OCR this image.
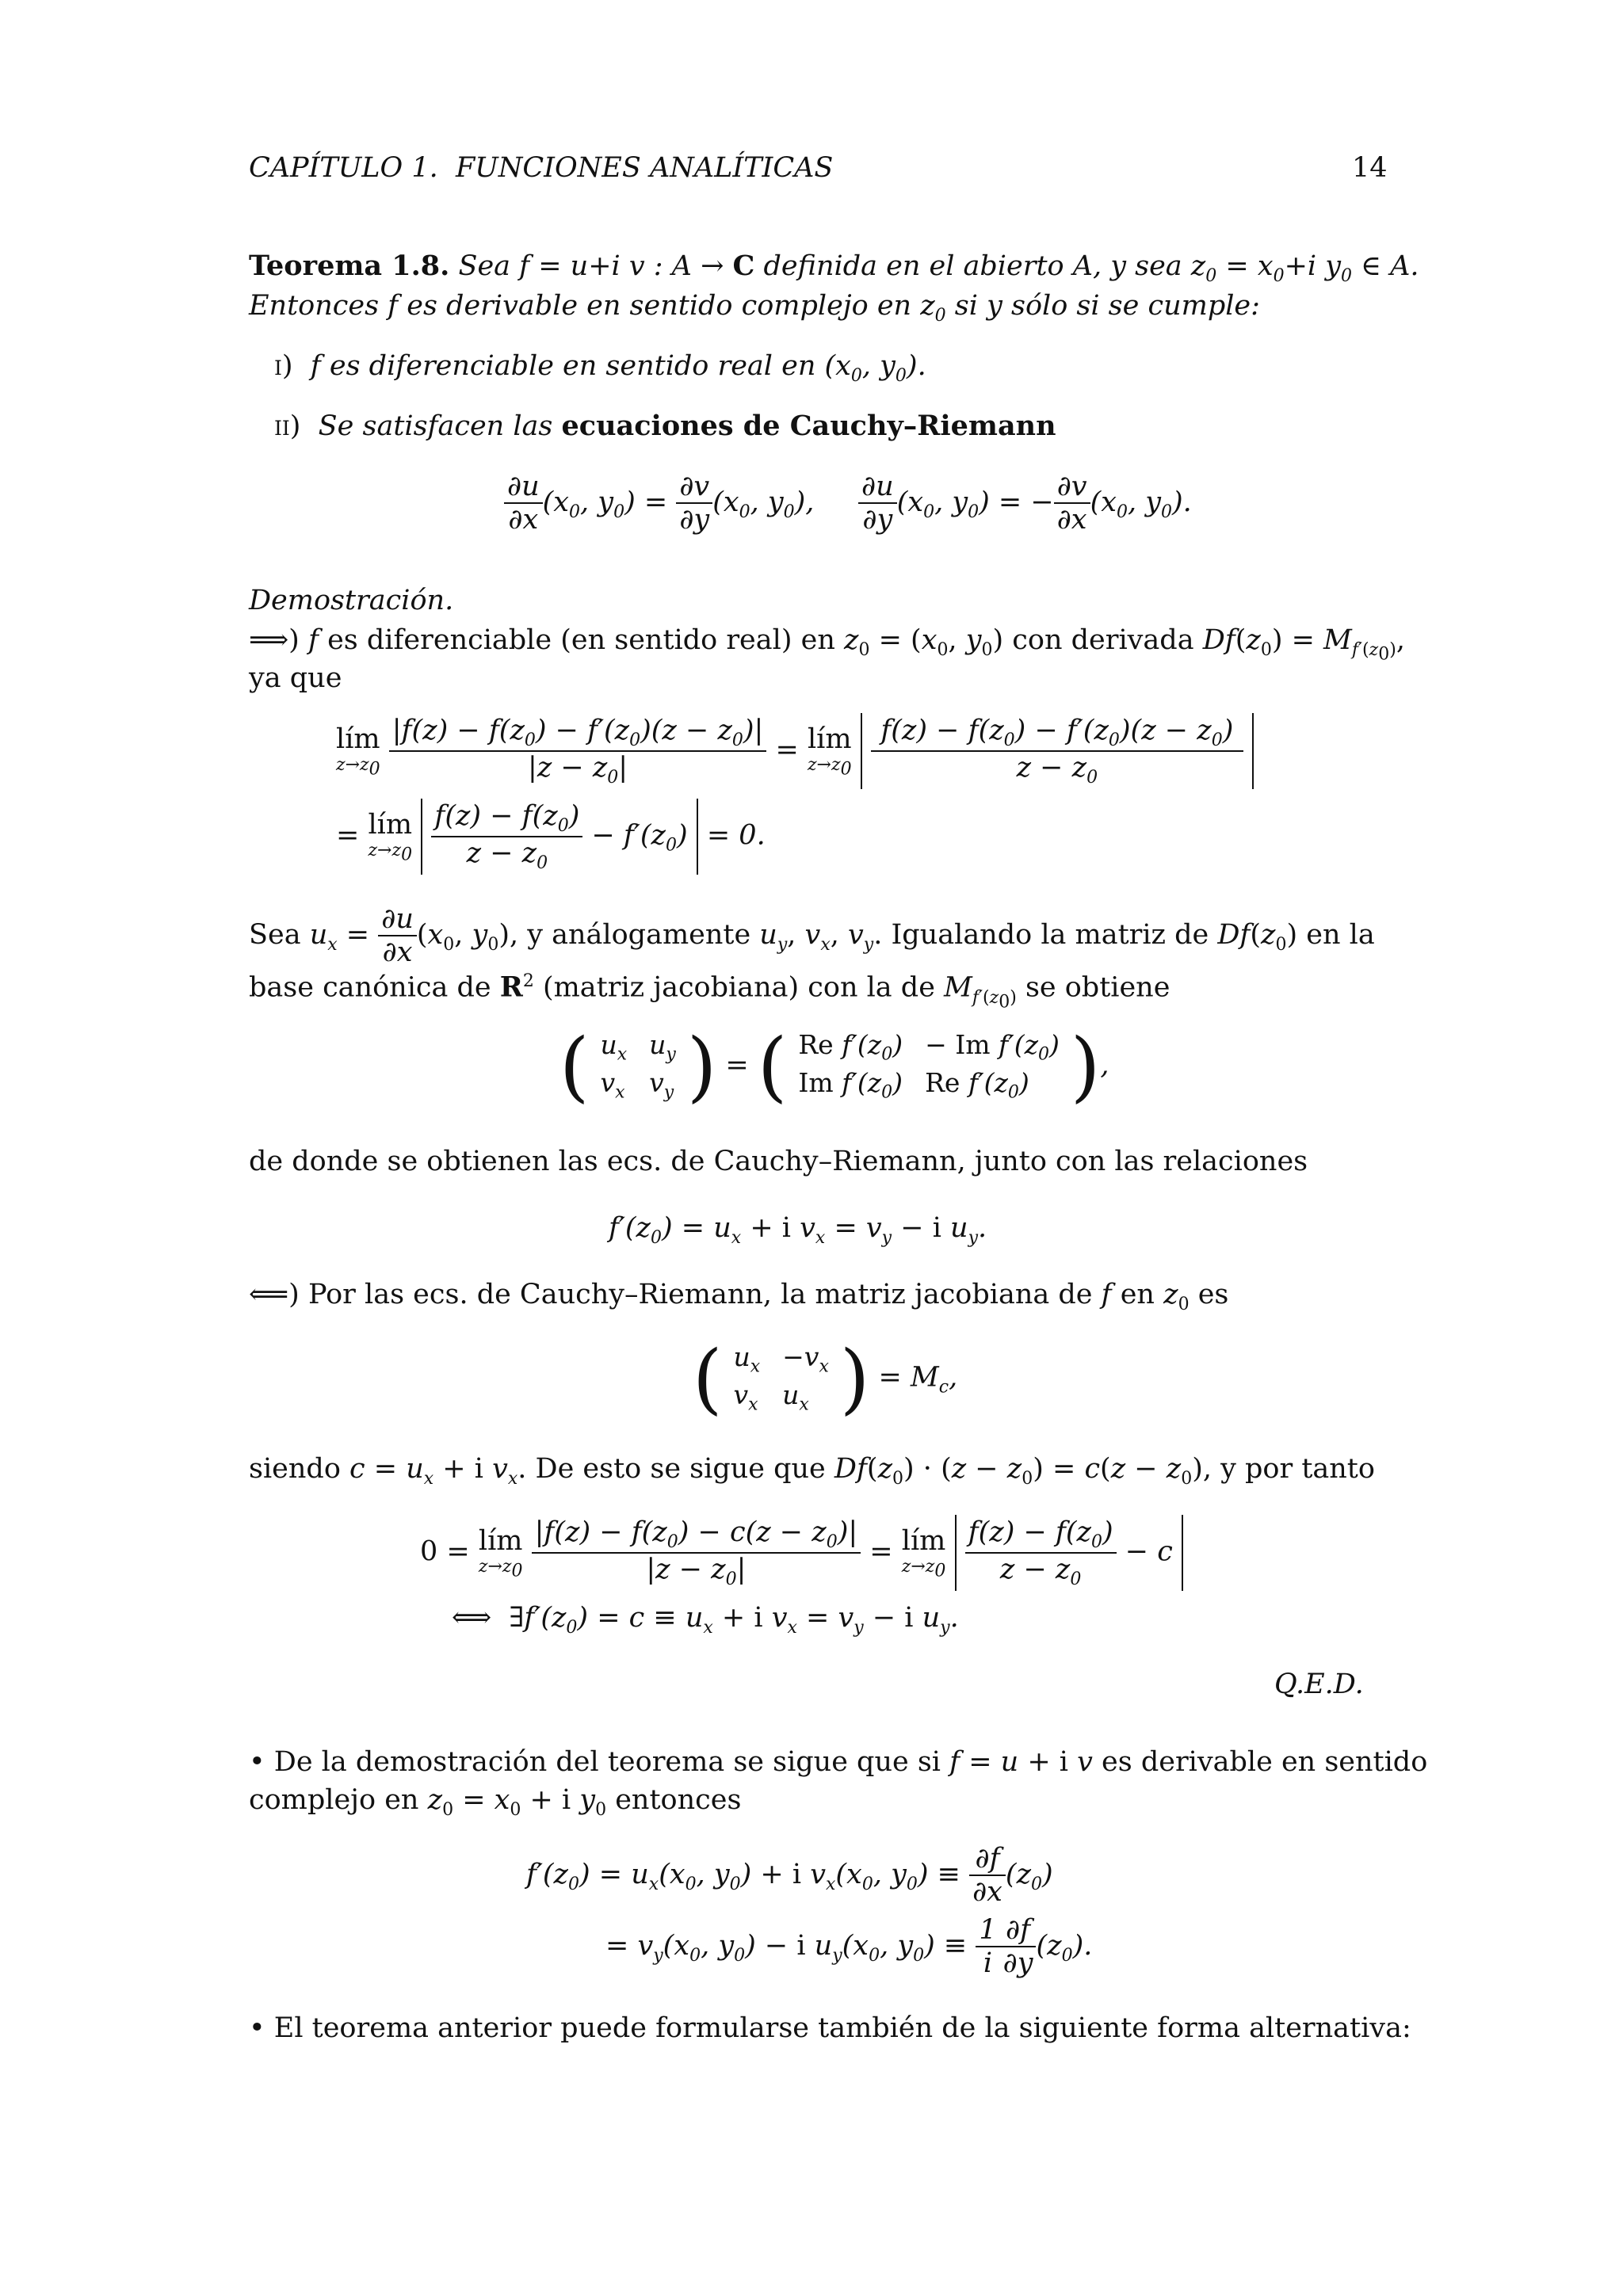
CAPÍTULO 1.  FUNCIONES ANALÍTICAS	14
Teorema 1.8. Sea f = u+i v : A → C definida en el abierto A, y sea $z_0 = x_0+i$ $y_0$ ∈ A.
Entonces f es derivable en sentido complejo en $z_0$ si y sólo si se cumple:
i) f es diferenciable en sentido real en ($x_0$, $y_0$).
ii) Se satisfacen las ecuaciones de Cauchy–Riemann
$\frac{\partial u}{\partial x} (x_0$, $y_0) = \frac{\partial v}{\partial y} (x_0$, $y_0$), $\frac{\partial u}{\partial y} (x_0$, $y_0$) = − $\frac{\partial v}{\partial x} (x_0$, $y_0$).
Demostración.
⟹) f es diferenciable (en sentido real) en $z_0 = (x_0$, $y_0$) con derivada $Df(z_0) = M_{f'(z_0)}$,
ya que
lím
$z\to z_0$
$\frac{|f(z) - f(z_0) - f'(z_0)(z - z_0)|}{|z - z_0|}$ = lím
$z\to z_0$
$\frac{f(z) - f(z_0) - f'(z_0)(z - z_0)}{z - z_0}$

= lím
$z\to z_0$
$\frac{f(z) - f(z_0)}{z - z_0} - f'(z_0) = 0$.
Sea $u_x = \frac{\partial u}{\partial x} (x_0$, $y_0$), y análogamente $u_y$, $v_x$, $v_y$. Igualando la matriz de $Df(z_0)$ en la
base canónica de $R^2$ (matriz jacobiana) con la de $M_{f'(z_0)}$ se obtiene
( $u_x$	$u_y$
$v_x$	$v_y$ ) = ( Re $f'(z_0)$	− Im $f'(z_0)$
Im $f'(z_0)$	Re $f'(z_0)$ ),
de donde se obtienen las ecs. de Cauchy–Riemann, junto con las relaciones
$f'(z_0) = u_x + i$ $v_x = v_y - i$ $u_y$.
⟸) Por las ecs. de Cauchy–Riemann, la matriz jacobiana de f en $z_0$ es
( $u_x$	$-v_x$
$v_x$	$u_x$ ) = $M_c$,
siendo $c = u_x + i$ $v_x$. De esto se sigue que $Df(z_0) \cdot (z - z_0) = c(z - z_0)$, y por tanto
0 = lím
$z\to z_0$
$\frac{|f(z) - f(z_0) - c(z - z_0)|}{|z - z_0|}$ = lím
$z\to z_0$
$\frac{f(z) - f(z_0)}{z - z_0} - c$
⟺  $\exists f'(z_0) = c \equiv u_x + i$ $v_x = v_y - i$ $u_y$.
Q.E.D.
• De la demostración del teorema se sigue que si f = u + i v es derivable en sentido
complejo en $z_0 = x_0 + i$ $y_0$ entonces
$f'(z_0) = u_x(x_0$, $y_0) + i$ $v_x(x_0$, $y_0) \equiv \frac{\partial f}{\partial x} (z_0)$
= $v_y(x_0$, $y_0) - i$ $u_y(x_0$, $y_0) \equiv \frac{1}{i} \frac{\partial f}{\partial y} (z_0)$.
• El teorema anterior puede formularse también de la siguiente forma alternativa:
